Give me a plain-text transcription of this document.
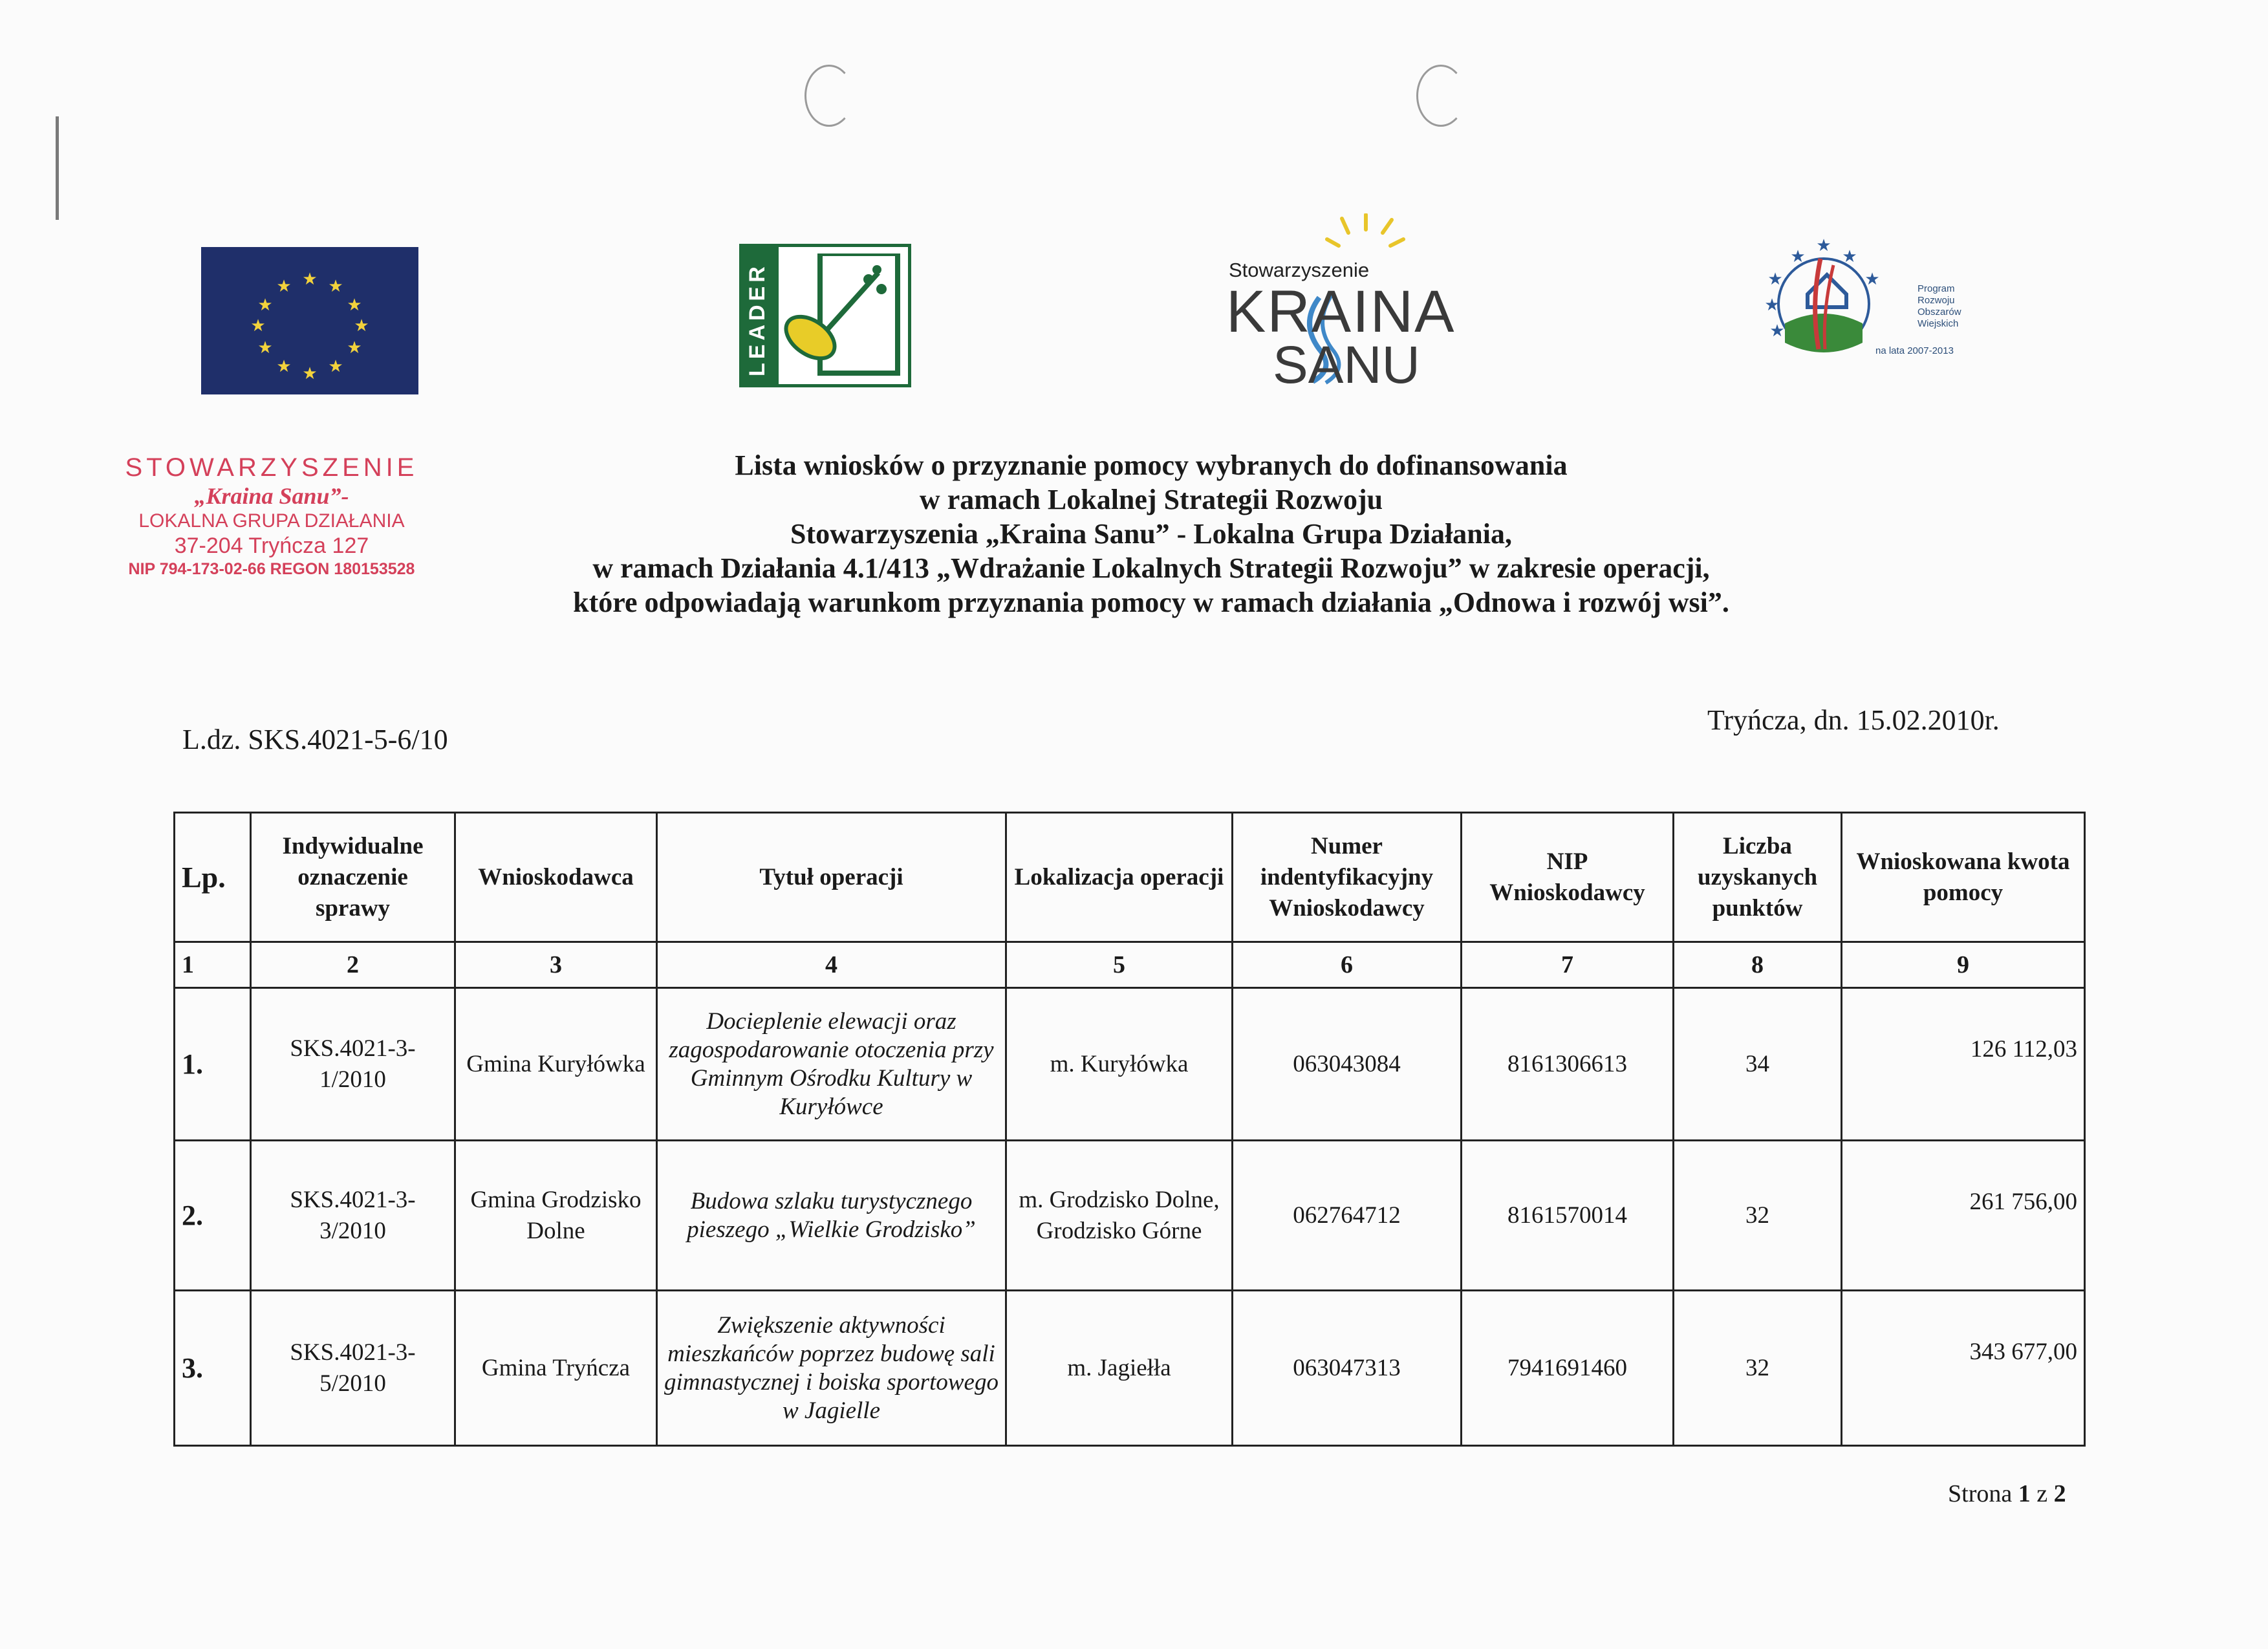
★ ★
★
★
★
★
★
★
★
★
★
★	LEADER	Stowarzyszenie
KRAINA
SANU
★
★
★
★
★
★
★	Program
Rozwoju
Obszarów
Wiejskich
na lata 2007-2013
STOWARZYSZENIE
„Kraina Sanu”-
LOKALNA GRUPA DZIAŁANIA
37-204 Tryńcza 127
NIP 794-173-02-66 REGON 180153528
Lista wniosków o przyznanie pomocy wybranych do dofinansowania
w ramach Lokalnej Strategii Rozwoju
Stowarzyszenia „Kraina Sanu” - Lokalna Grupa Działania,
w ramach Działania 4.1/413 „Wdrażanie Lokalnych Strategii Rozwoju” w zakresie operacji,
które odpowiadają warunkom przyznania pomocy w ramach działania „Odnowa i rozwój wsi”.
L.dz. SKS.4021-5-6/10
Tryńcza, dn. 15.02.2010r.
Lp.	Indywidualne oznaczenie sprawy	Wnioskodawca	Tytuł operacji	Lokalizacja operacji	Numer indentyfikacyjny Wnioskodawcy	NIP Wnioskodawcy	Liczba uzyskanych punktów	Wnioskowana kwota pomocy
1	2	3	4	5	6	7	8	9
1.	SKS.4021-3-1/2010	Gmina Kuryłówka	Docieplenie elewacji oraz zagospodarowanie otoczenia przy Gminnym Ośrodku Kultury w Kuryłówce	m. Kuryłówka	063043084	8161306613	34	126 112,03
2.	SKS.4021-3-3/2010	Gmina Grodzisko Dolne	Budowa szlaku turystycznego pieszego „Wielkie Grodzisko”	m. Grodzisko Dolne, Grodzisko Górne	062764712	8161570014	32	261 756,00
3.	SKS.4021-3-5/2010	Gmina Tryńcza	Zwiększenie aktywności mieszkańców poprzez budowę sali gimnastycznej i boiska sportowego w Jagielle	m. Jagiełła	063047313	7941691460	32	343 677,00
Strona 1 z 2
